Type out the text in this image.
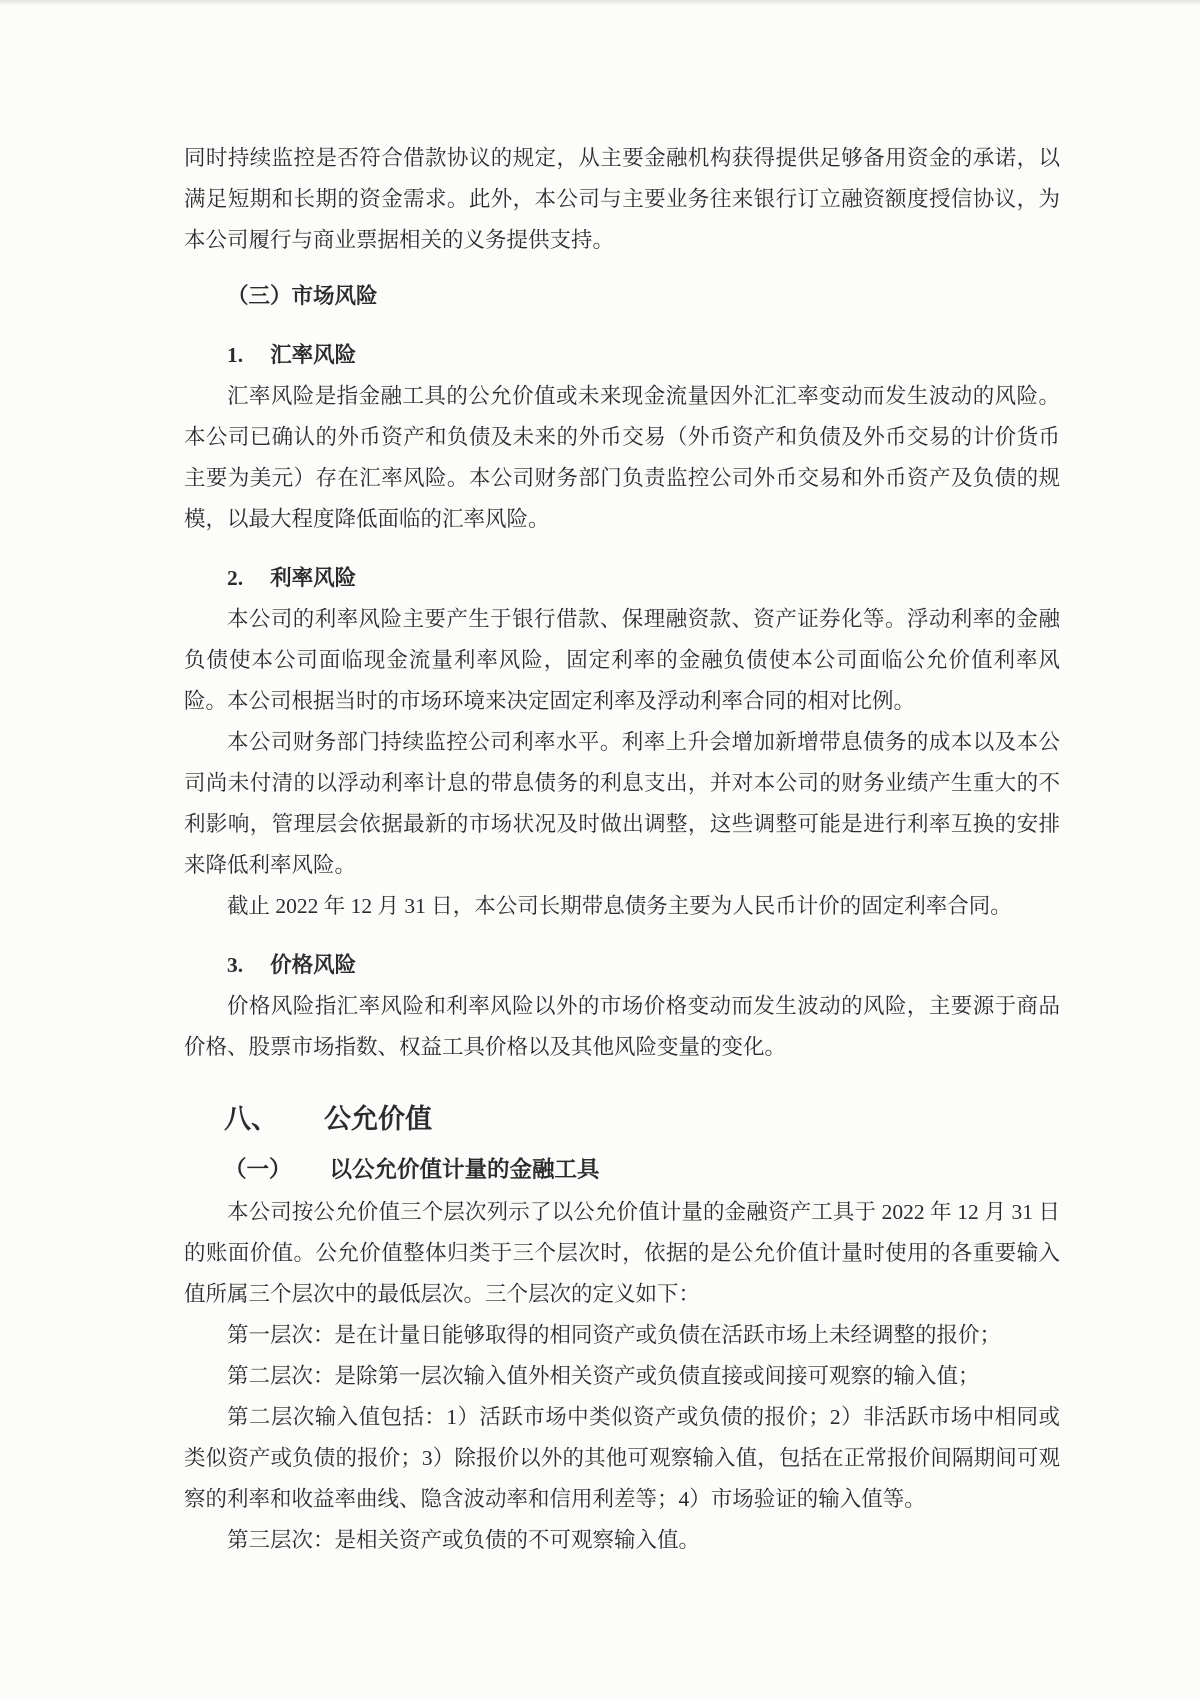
同时持续监控是否符合借款协议的规定，从主要金融机构获得提供足够备用资金的承诺，以满足短期和长期的资金需求。此外，本公司与主要业务往来银行订立融资额度授信协议，为本公司履行与商业票据相关的义务提供支持。

（三）市场风险
1. 汇率风险

汇率风险是指金融工具的公允价值或未来现金流量因外汇汇率变动而发生波动的风险。本公司已确认的外币资产和负债及未来的外币交易（外币资产和负债及外币交易的计价货币主要为美元）存在汇率风险。本公司财务部门负责监控公司外币交易和外币资产及负债的规模，以最大程度降低面临的汇率风险。

2. 利率风险

本公司的利率风险主要产生于银行借款、保理融资款、资产证券化等。浮动利率的金融负债使本公司面临现金流量利率风险，固定利率的金融负债使本公司面临公允价值利率风险。本公司根据当时的市场环境来决定固定利率及浮动利率合同的相对比例。

本公司财务部门持续监控公司利率水平。利率上升会增加新增带息债务的成本以及本公司尚未付清的以浮动利率计息的带息债务的利息支出，并对本公司的财务业绩产生重大的不利影响，管理层会依据最新的市场状况及时做出调整，这些调整可能是进行利率互换的安排来降低利率风险。

截止 2022 年 12 月 31 日，本公司长期带息债务主要为人民币计价的固定利率合同。

3. 价格风险

价格风险指汇率风险和利率风险以外的市场价格变动而发生波动的风险，主要源于商品价格、股票市场指数、权益工具价格以及其他风险变量的变化。

八、 公允价值
（一） 以公允价值计量的金融工具

本公司按公允价值三个层次列示了以公允价值计量的金融资产工具于 2022 年 12 月 31 日的账面价值。公允价值整体归类于三个层次时，依据的是公允价值计量时使用的各重要输入值所属三个层次中的最低层次。三个层次的定义如下：

第一层次：是在计量日能够取得的相同资产或负债在活跃市场上未经调整的报价；

第二层次：是除第一层次输入值外相关资产或负债直接或间接可观察的输入值；

第二层次输入值包括：1）活跃市场中类似资产或负债的报价；2）非活跃市场中相同或类似资产或负债的报价；3）除报价以外的其他可观察输入值，包括在正常报价间隔期间可观察的利率和收益率曲线、隐含波动率和信用利差等；4）市场验证的输入值等。

第三层次：是相关资产或负债的不可观察输入值。
